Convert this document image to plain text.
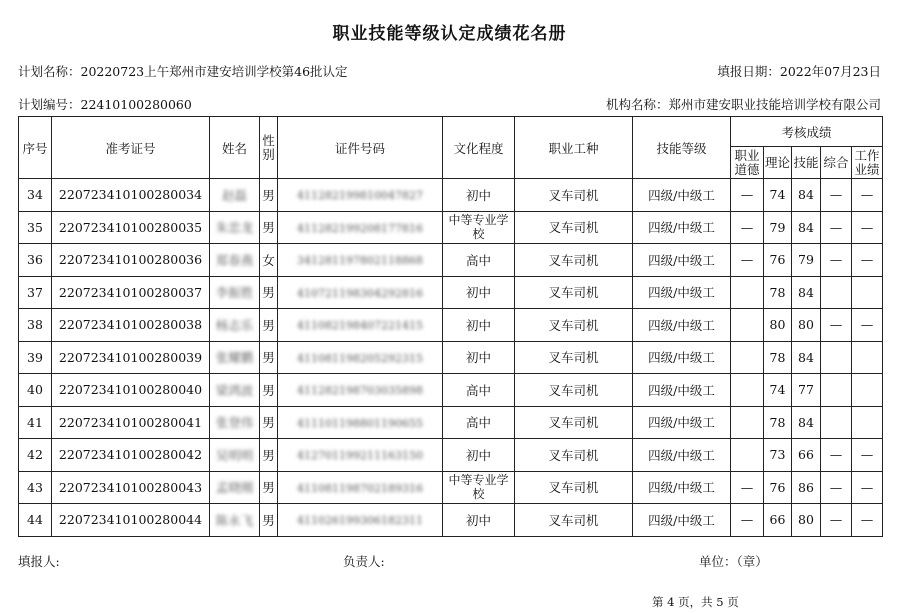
职业技能等级认定成绩花名册
计划名称：20220723上午郑州市建安培训学校第46批认定	填报日期：2022年07月23日
计划编号：22410100280060	机构名称：郑州市建安职业技能培训学校有限公司
序号	准考证号	姓名	性别	证件号码	文化程度	职业工种	技能等级	考核成绩				
								职业道德	理论	技能	综合	工作业绩
34	220723410100280034	赵磊	男	411282199810047827	初中	叉车司机	四级/中级工	—	74	84	—	—
35	220723410100280035	朱忠龙	男	411282199208177816	中等专业学校	叉车司机	四级/中级工	—	79	84	—	—
36	220723410100280036	郑春燕	女	341281197802118868	高中	叉车司机	四级/中级工	—	76	79	—	—
37	220723410100280037	李振胜	男	410721198304292816	初中	叉车司机	四级/中级工		78	84		
38	220723410100280038	杨志乐	男	411082198407221415	初中	叉车司机	四级/中级工		80	80	—	—
39	220723410100280039	张耀鹏	男	411081198205292315	初中	叉车司机	四级/中级工		78	84		
40	220723410100280040	梁鸿波	男	411282198703035898	高中	叉车司机	四级/中级工		74	77		
41	220723410100280041	张登伟	男	411101198801190655	高中	叉车司机	四级/中级工		78	84		
42	220723410100280042	吴明明	男	412701199211163150	初中	叉车司机	四级/中级工		73	66	—	—
43	220723410100280043	孟晓刚	男	411081198702189316	中等专业学校	叉车司机	四级/中级工	—	76	86	—	—
44	220723410100280044	陈永飞	男	411026199306182311	初中	叉车司机	四级/中级工	—	66	80	—	—
填报人:	负责人:	单位：（章）
第 4 页，共 5 页
